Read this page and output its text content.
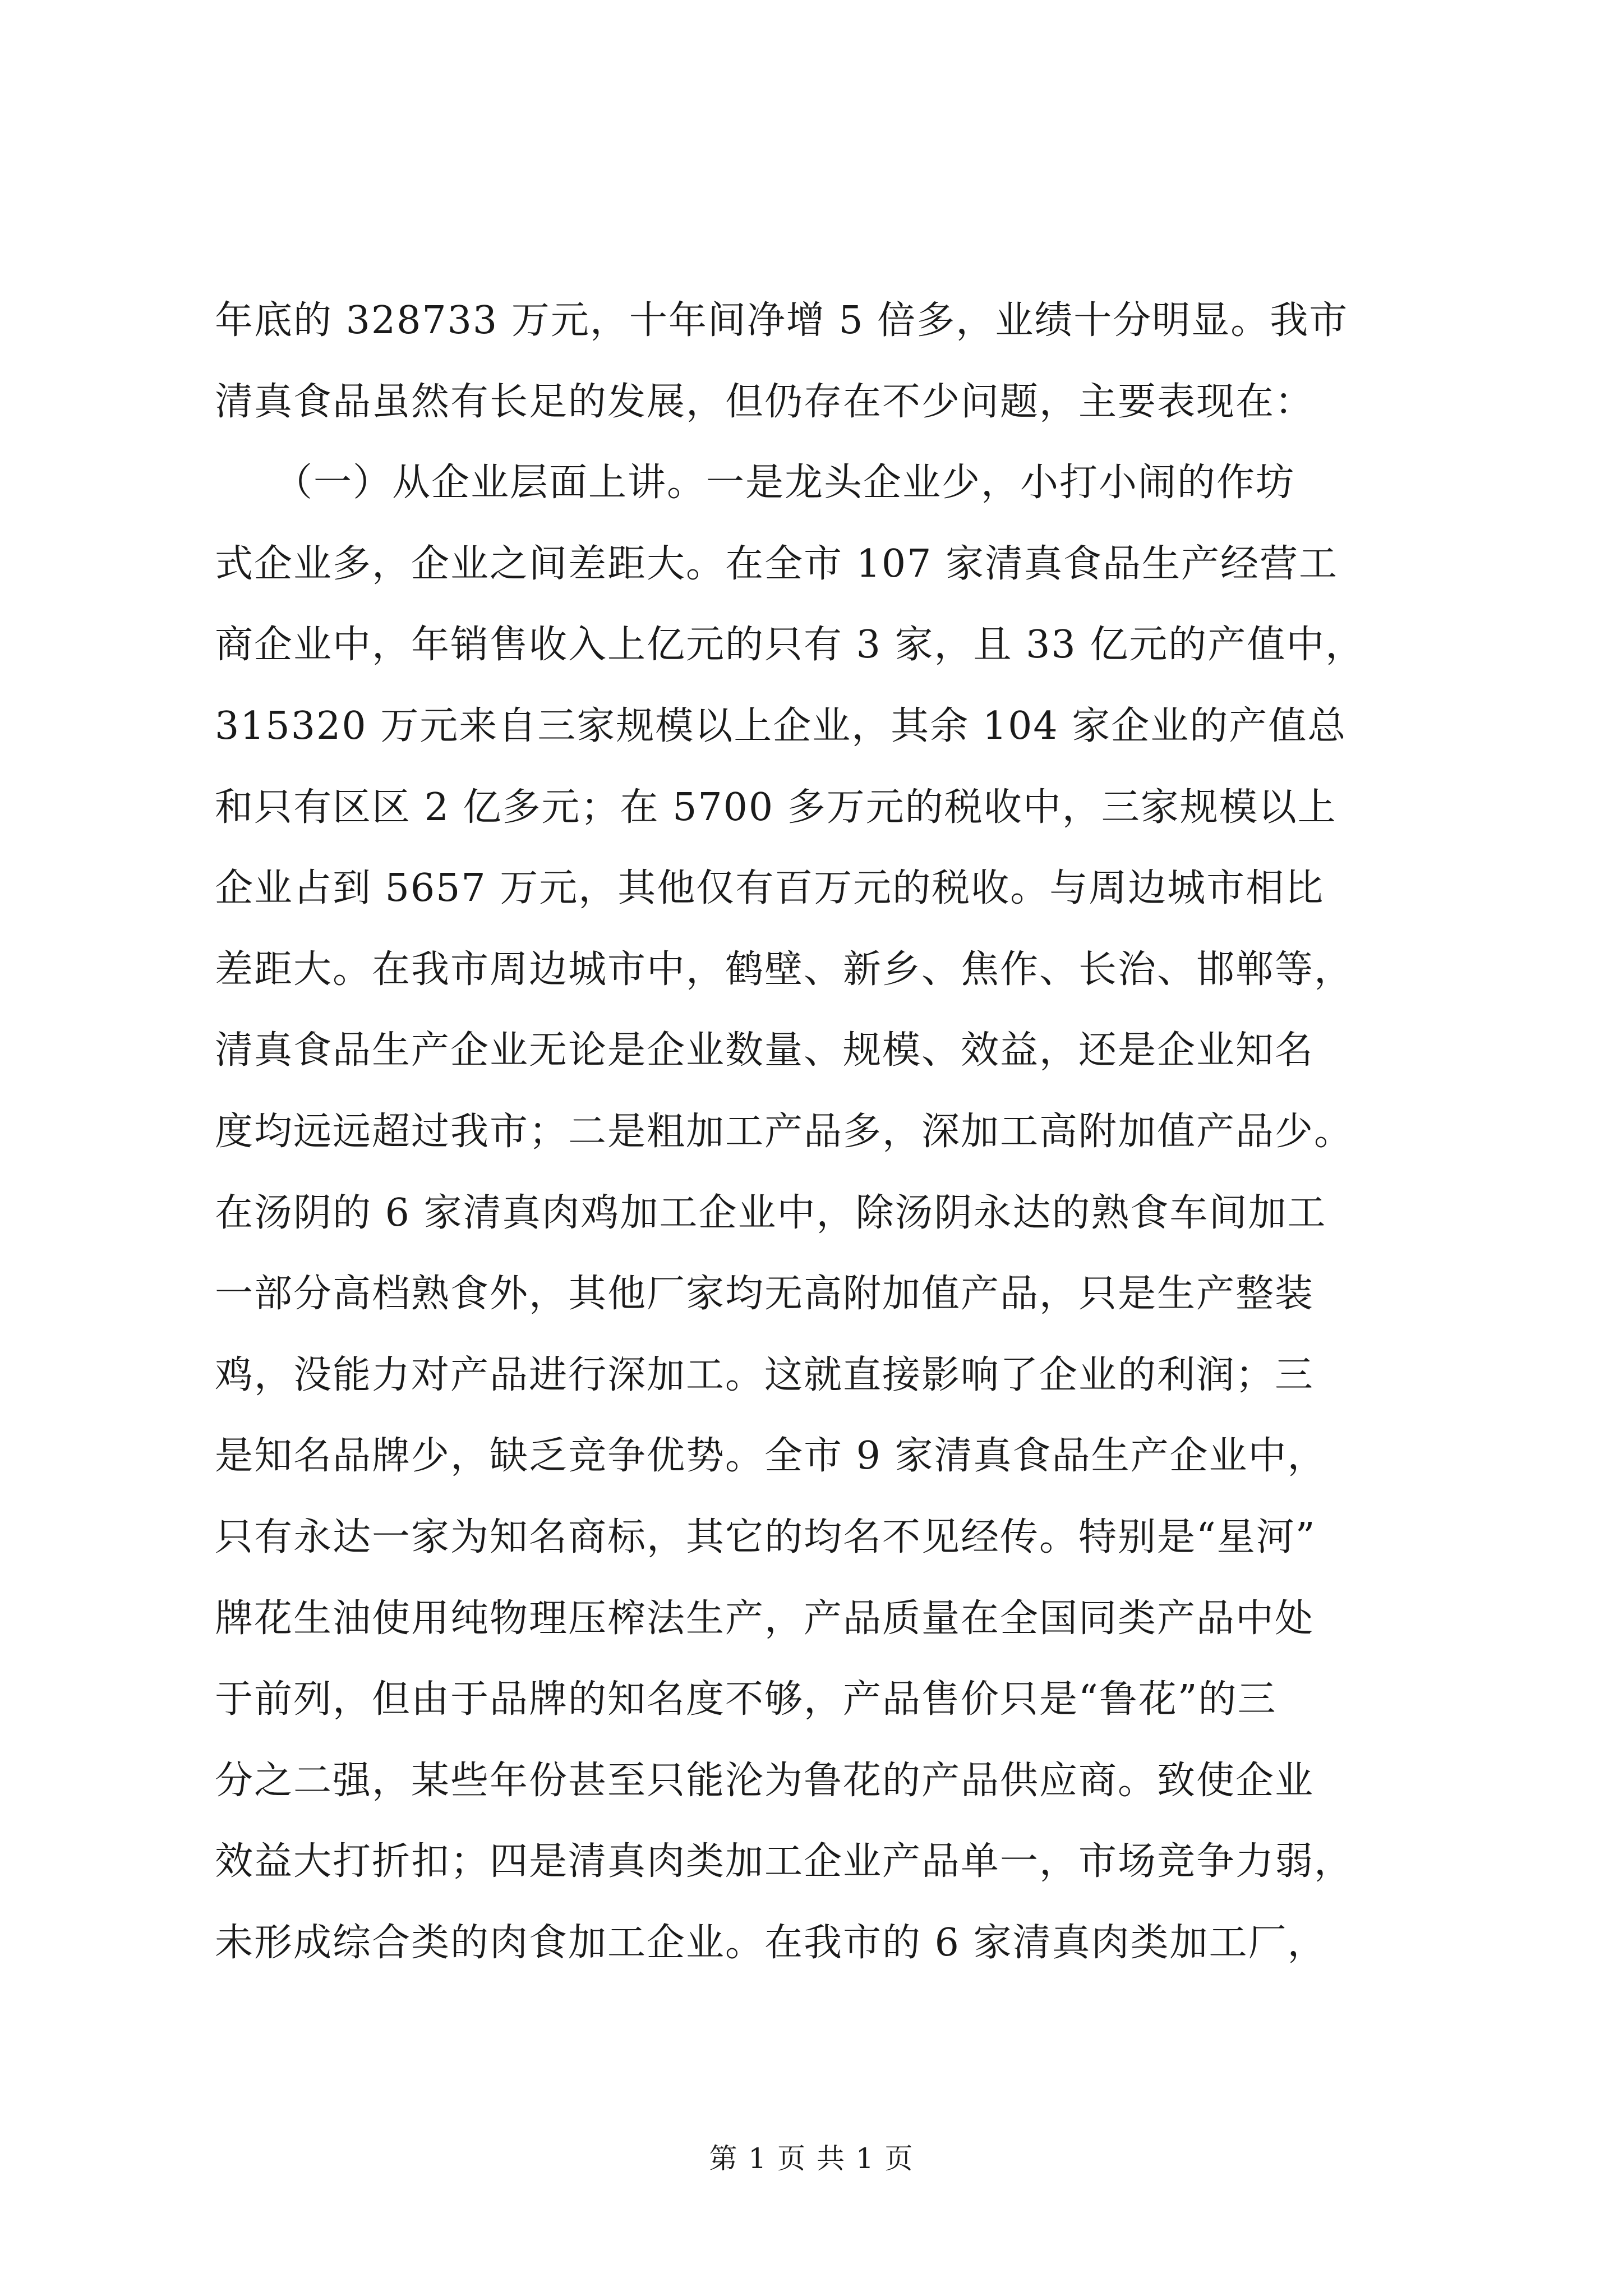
年底的 328733 万元，十年间净增 5 倍多，业绩十分明显。我市
清真食品虽然有长足的发展，但仍存在不少问题，主要表现在：
　　（一）从企业层面上讲。一是龙头企业少，小打小闹的作坊
式企业多，企业之间差距大。在全市 107 家清真食品生产经营工
商企业中，年销售收入上亿元的只有 3 家，且 33 亿元的产值中，
315320 万元来自三家规模以上企业，其余 104 家企业的产值总
和只有区区 2 亿多元；在 5700 多万元的税收中，三家规模以上
企业占到 5657 万元，其他仅有百万元的税收。与周边城市相比
差距大。在我市周边城市中，鹤壁、新乡、焦作、长治、邯郸等，
清真食品生产企业无论是企业数量、规模、效益，还是企业知名
度均远远超过我市；二是粗加工产品多，深加工高附加值产品少。
在汤阴的 6 家清真肉鸡加工企业中，除汤阴永达的熟食车间加工
一部分高档熟食外，其他厂家均无高附加值产品，只是生产整装
鸡，没能力对产品进行深加工。这就直接影响了企业的利润；三
是知名品牌少，缺乏竞争优势。全市 9 家清真食品生产企业中，
只有永达一家为知名商标，其它的均名不见经传。特别是“星河”
牌花生油使用纯物理压榨法生产，产品质量在全国同类产品中处
于前列，但由于品牌的知名度不够，产品售价只是“鲁花”的三
分之二强，某些年份甚至只能沦为鲁花的产品供应商。致使企业
效益大打折扣；四是清真肉类加工企业产品单一，市场竞争力弱，
未形成综合类的肉食加工企业。在我市的 6 家清真肉类加工厂，
第 1 页 共 1 页
